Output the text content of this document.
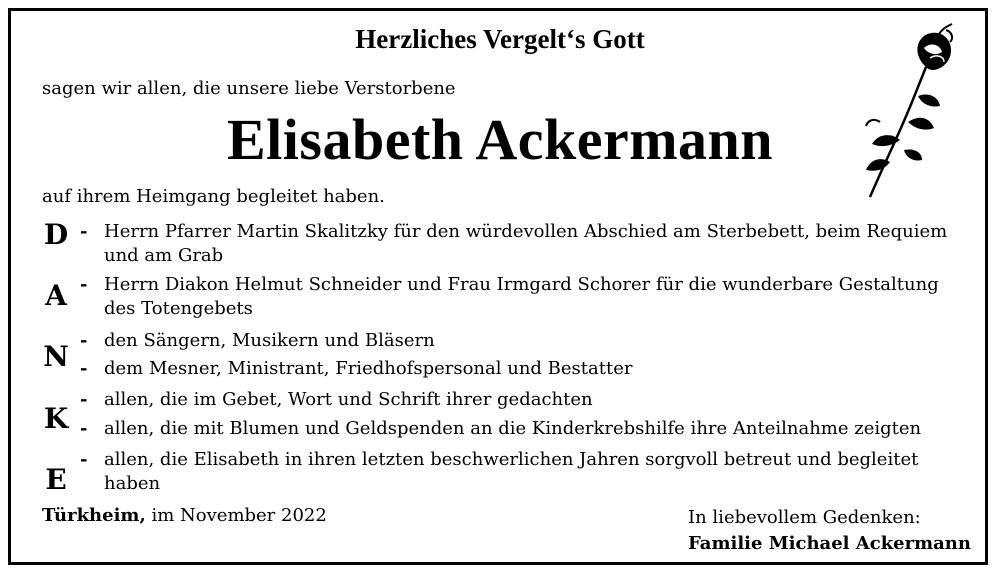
Herzliches Vergelt‘s Gott
sagen wir allen, die unsere liebe Verstorbene
Elisabeth Ackermann
auf ihrem Heimgang begleitet haben.
D
A
N
K
E
- Herrn Pfarrer Martin Skalitzky für den würdevollen Abschied am Sterbebett, beim Requiem und am Grab
- Herrn Diakon Helmut Schneider und Frau Irmgard Schorer für die wunderbare Gestaltung des Totengebets
- den Sängern, Musikern und Bläsern
- dem Mesner, Ministrant, Friedhofspersonal und Bestatter
- allen, die im Gebet, Wort und Schrift ihrer gedachten
- allen, die mit Blumen und Geldspenden an die Kinderkrebshilfe ihre Anteilnahme zeigten
- allen, die Elisabeth in ihren letzten beschwerlichen Jahren sorgvoll betreut und begleitet haben
Türkheim, im November 2022	In liebevollem Gedenken:
Familie Michael Ackermann
